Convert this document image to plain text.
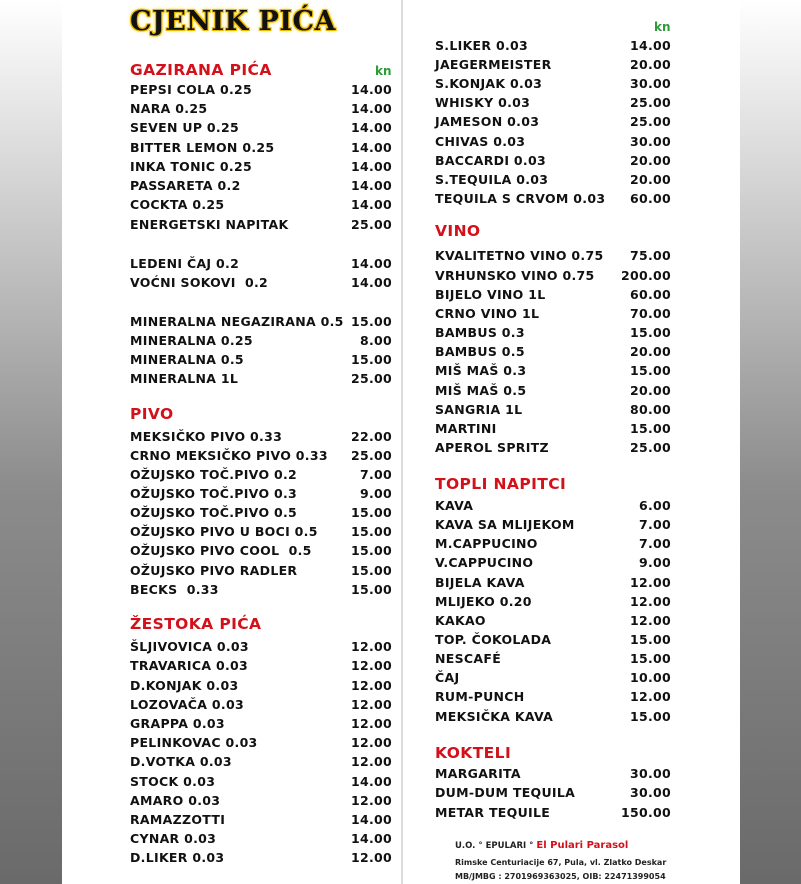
CJENIK PIĆA
GAZIRANA PIĆA	kn
PEPSI COLA 0.25	14.00
NARA 0.25	14.00
SEVEN UP 0.25	14.00
BITTER LEMON 0.25	14.00
INKA TONIC 0.25	14.00
PASSARETA 0.2	14.00
COCKTA 0.25	14.00
ENERGETSKI NAPITAK	25.00
LEDENI ČAJ 0.2	14.00
VOĆNI SOKOVI  0.2	14.00
MINERALNA NEGAZIRANA 0.5 15.00
MINERALNA 0.25	8.00
MINERALNA 0.5	15.00
MINERALNA 1L	25.00
PIVO
MEKSIČKO PIVO 0.33	22.00
CRNO MEKSIČKO PIVO 0.33 25.00
OŽUJSKO TOČ.PIVO 0.2	7.00
OŽUJSKO TOČ.PIVO 0.3	9.00
OŽUJSKO TOČ.PIVO 0.5	15.00
OŽUJSKO PIVO U BOCI 0.5	15.00
OŽUJSKO PIVO COOL  0.5	15.00
OŽUJSKO PIVO RADLER	15.00
BECKS  0.33	15.00
ŽESTOKA PIĆA
ŠLJIVOVICA 0.03	12.00
TRAVARICA 0.03	12.00
D.KONJAK 0.03	12.00
LOZOVAČA 0.03	12.00
GRAPPA 0.03	12.00
PELINKOVAC 0.03	12.00
D.VOTKA 0.03	12.00
STOCK 0.03	14.00
AMARO 0.03	12.00
RAMAZZOTTI	14.00
CYNAR 0.03	14.00
D.LIKER 0.03	12.00
kn
S.LIKER 0.03	14.00
JAEGERMEISTER	20.00
S.KONJAK 0.03	30.00
WHISKY 0.03	25.00
JAMESON 0.03	25.00
CHIVAS 0.03	30.00
BACCARDI 0.03	20.00
S.TEQUILA 0.03	20.00
TEQUILA S CRVOM 0.03 60.00
VINO
KVALITETNO VINO 0.75 75.00
VRHUNSKO VINO 0.75 200.00
BIJELO VINO 1L	60.00
CRNO VINO 1L	70.00
BAMBUS 0.3	15.00
BAMBUS 0.5	20.00
MIŠ MAŠ 0.3	15.00
MIŠ MAŠ 0.5	20.00
SANGRIA 1L	80.00
MARTINI	15.00
APEROL SPRITZ	25.00
TOPLI NAPITCI
KAVA	6.00
KAVA SA MLIJEKOM	7.00
M.CAPPUCINO	7.00
V.CAPPUCINO	9.00
BIJELA KAVA	12.00
MLIJEKO 0.20	12.00
KAKAO	12.00
TOP. ČOKOLADA	15.00
NESCAFÉ	15.00
ČAJ	10.00
RUM-PUNCH	12.00
MEKSIČKA KAVA	15.00
KOKTELI
MARGARITA	30.00
DUM-DUM TEQUILA	30.00
METAR TEQUILE	150.00
U.O. ° EPULARI ° El Pulari Parasol
Rimske Centuriacije 67, Pula, vl. Zlatko Deskar
MB/JMBG : 2701969363025, OIB: 22471399054
